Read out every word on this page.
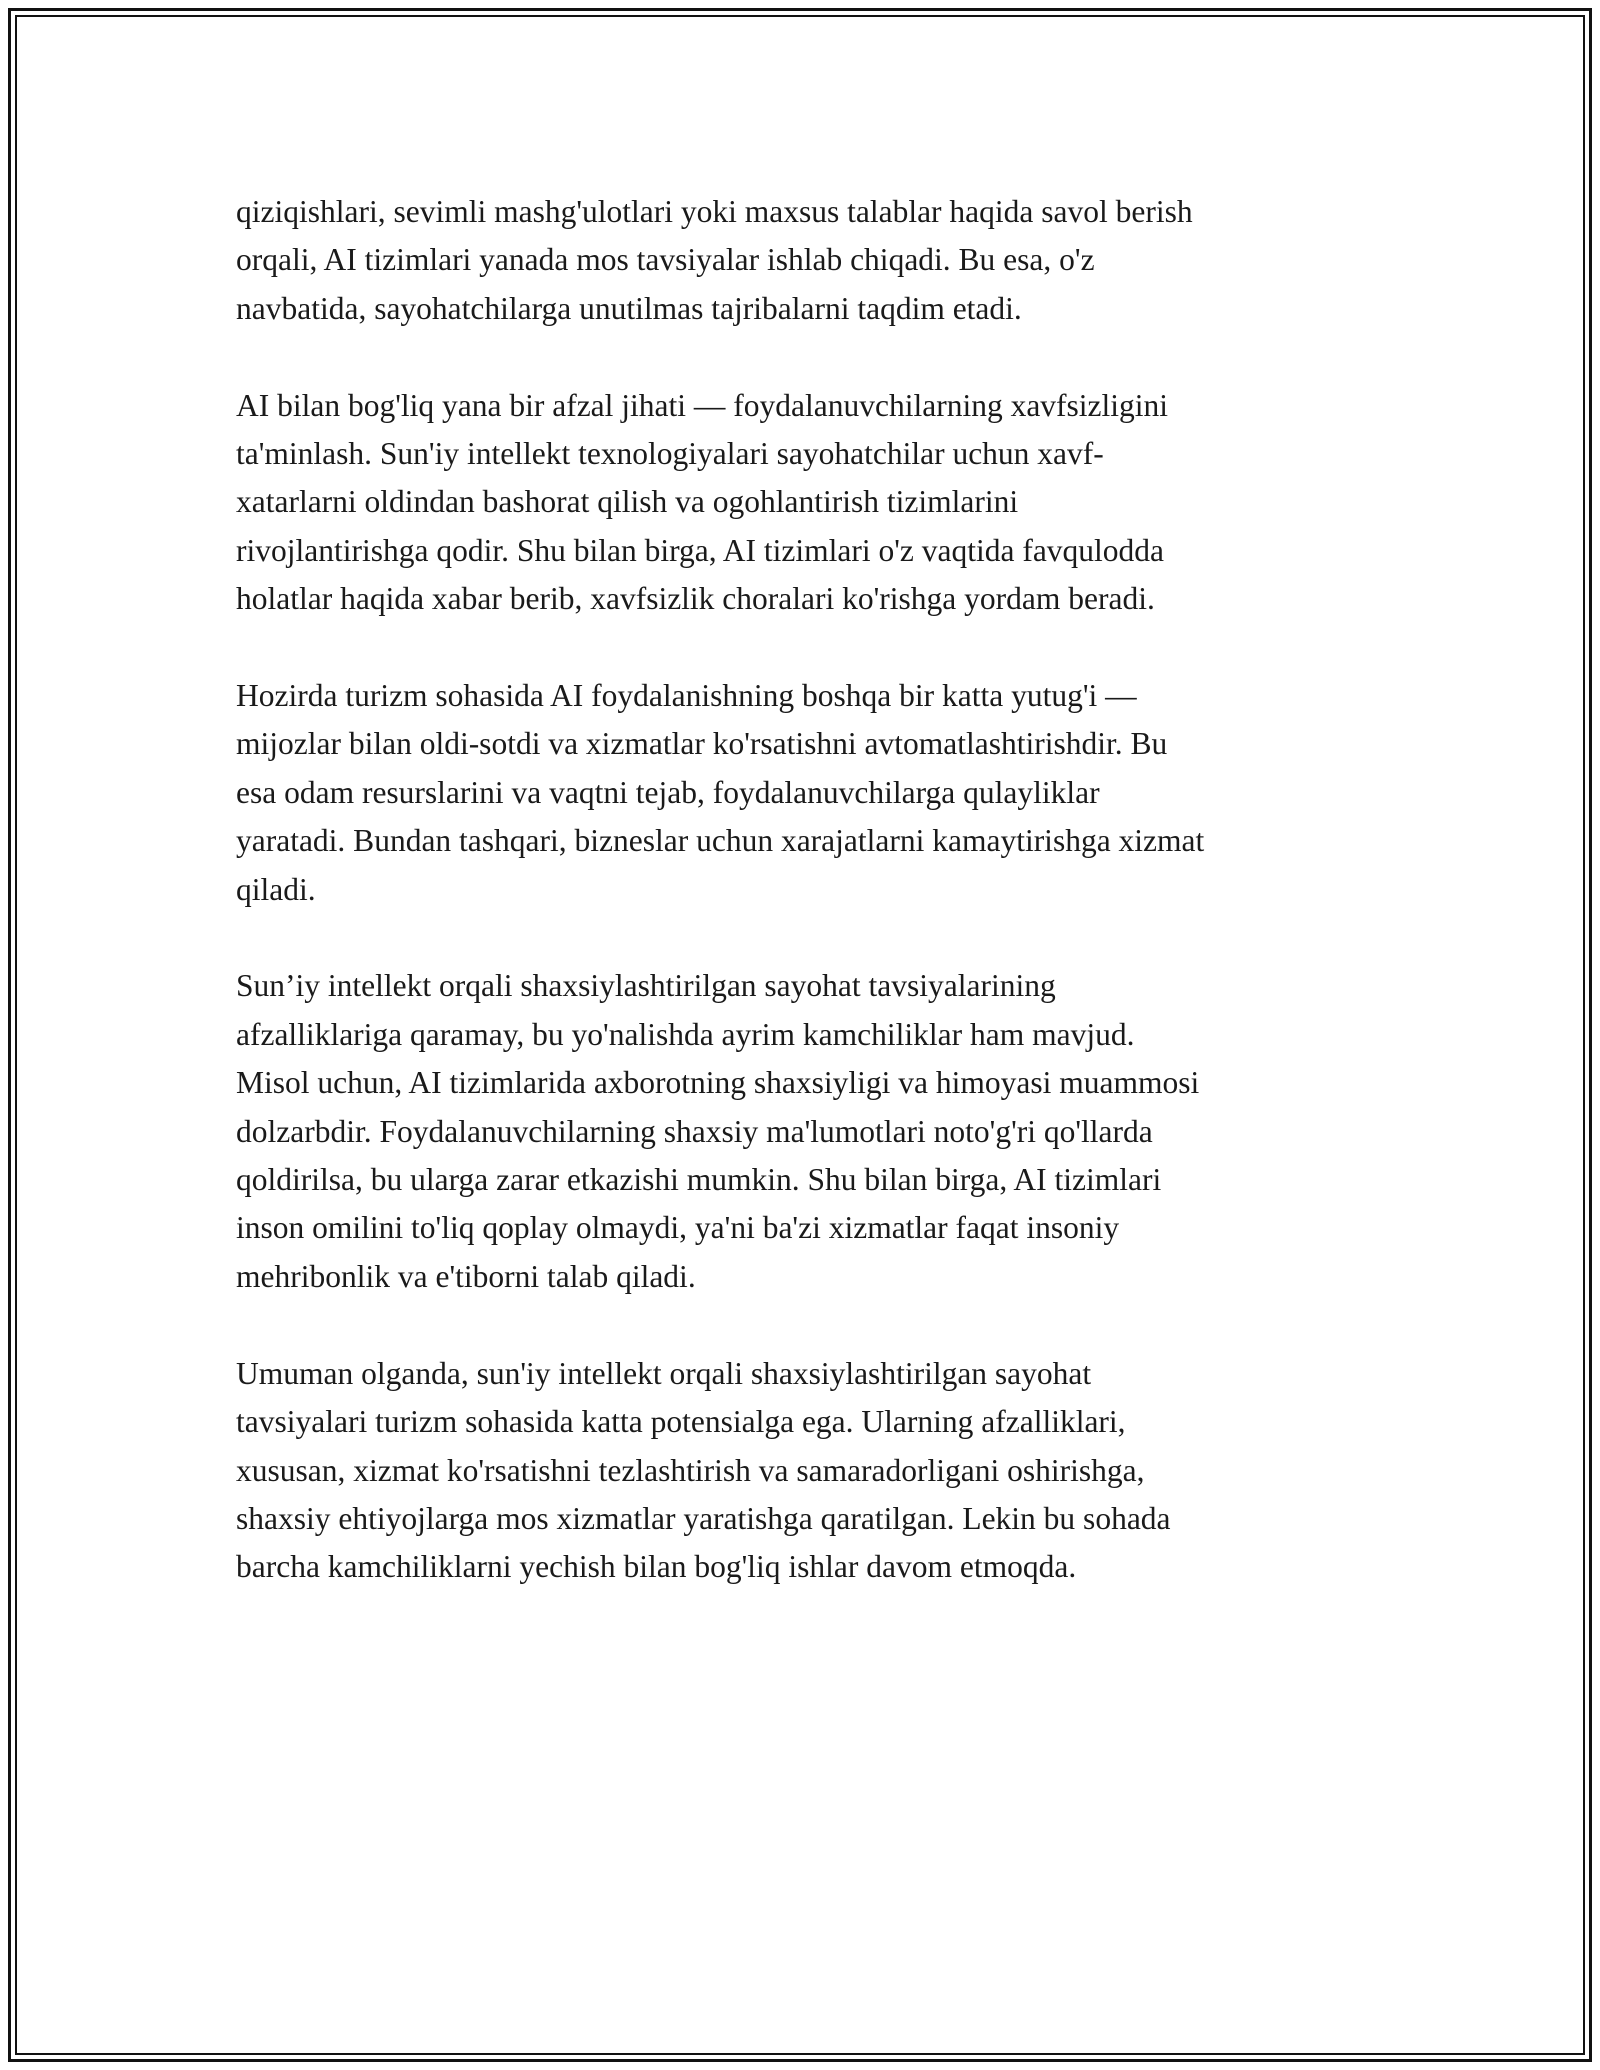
qiziqishlari, sevimli mashg'ulotlari yoki maxsus talablar haqida savol berish
orqali, AI tizimlari yanada mos tavsiyalar ishlab chiqadi. Bu esa, o'z
navbatida, sayohatchilarga unutilmas tajribalarni taqdim etadi.

AI bilan bog'liq yana bir afzal jihati — foydalanuvchilarning xavfsizligini
ta'minlash. Sun'iy intellekt texnologiyalari sayohatchilar uchun xavf-
xatarlarni oldindan bashorat qilish va ogohlantirish tizimlarini
rivojlantirishga qodir. Shu bilan birga, AI tizimlari o'z vaqtida favqulodda
holatlar haqida xabar berib, xavfsizlik choralari ko'rishga yordam beradi.

Hozirda turizm sohasida AI foydalanishning boshqa bir katta yutug'i —
mijozlar bilan oldi-sotdi va xizmatlar ko'rsatishni avtomatlashtirishdir. Bu
esa odam resurslarini va vaqtni tejab, foydalanuvchilarga qulayliklar
yaratadi. Bundan tashqari, bizneslar uchun xarajatlarni kamaytirishga xizmat
qiladi.

Sun’iy intellekt orqali shaxsiylashtirilgan sayohat tavsiyalarining
afzalliklariga qaramay, bu yo'nalishda ayrim kamchiliklar ham mavjud.
Misol uchun, AI tizimlarida axborotning shaxsiyligi va himoyasi muammosi
dolzarbdir. Foydalanuvchilarning shaxsiy ma'lumotlari noto'g'ri qo'llarda
qoldirilsa, bu ularga zarar etkazishi mumkin. Shu bilan birga, AI tizimlari
inson omilini to'liq qoplay olmaydi, ya'ni ba'zi xizmatlar faqat insoniy
mehribonlik va e'tiborni talab qiladi.

Umuman olganda, sun'iy intellekt orqali shaxsiylashtirilgan sayohat
tavsiyalari turizm sohasida katta potensialga ega. Ularning afzalliklari,
xususan, xizmat ko'rsatishni tezlashtirish va samaradorligani oshirishga,
shaxsiy ehtiyojlarga mos xizmatlar yaratishga qaratilgan. Lekin bu sohada
barcha kamchiliklarni yechish bilan bog'liq ishlar davom etmoqda.
